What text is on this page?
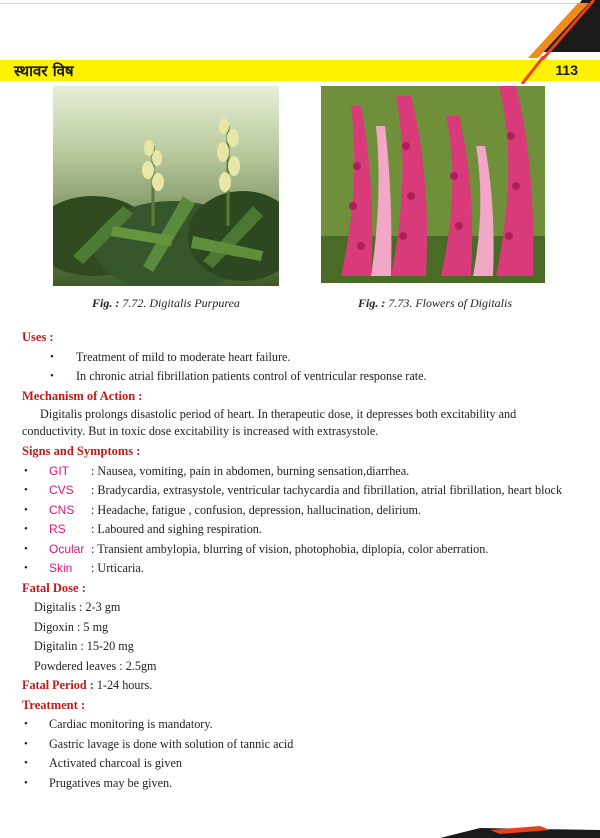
स्थावर विष	113
Fig. : 7.72. Digitalis Purpurea	Fig. : 7.73. Flowers of Digitalis
Uses :
• Treatment of mild to moderate heart failure.
• In chronic atrial fibrillation patients control of ventricular response rate.
Mechanism of Action :
Digitalis prolongs disastolic period of heart. In therapeutic dose, it depresses both excitability and conductivity. But in toxic dose excitability is increased with extrasystole.
Signs and Symptoms :
• GIT	: Nausea, vomiting, pain in abdomen, burning sensation,diarrhea.
• CVS	: Bradycardia, extrasystole, ventricular tachycardia and fibrillation, atrial fibrillation, heart block
• CNS	: Headache, fatigue , confusion, depression, hallucination, delirium.
• RS	: Laboured and sighing respiration.
• Ocular : Transient ambylopia, blurring of vision, photophobia, diplopia, color aberration.
• Skin	: Urticaria.
Fatal Dose :
Digitalis : 2-3 gm
Digoxin : 5 mg
Digitalin : 15-20 mg
Powdered leaves : 2.5gm
Fatal Period : 1-24 hours.
Treatment :
• Cardiac monitoring is mandatory.
• Gastric lavage is done with solution of tannic acid
• Activated charcoal is given
• Prugatives may be given.
